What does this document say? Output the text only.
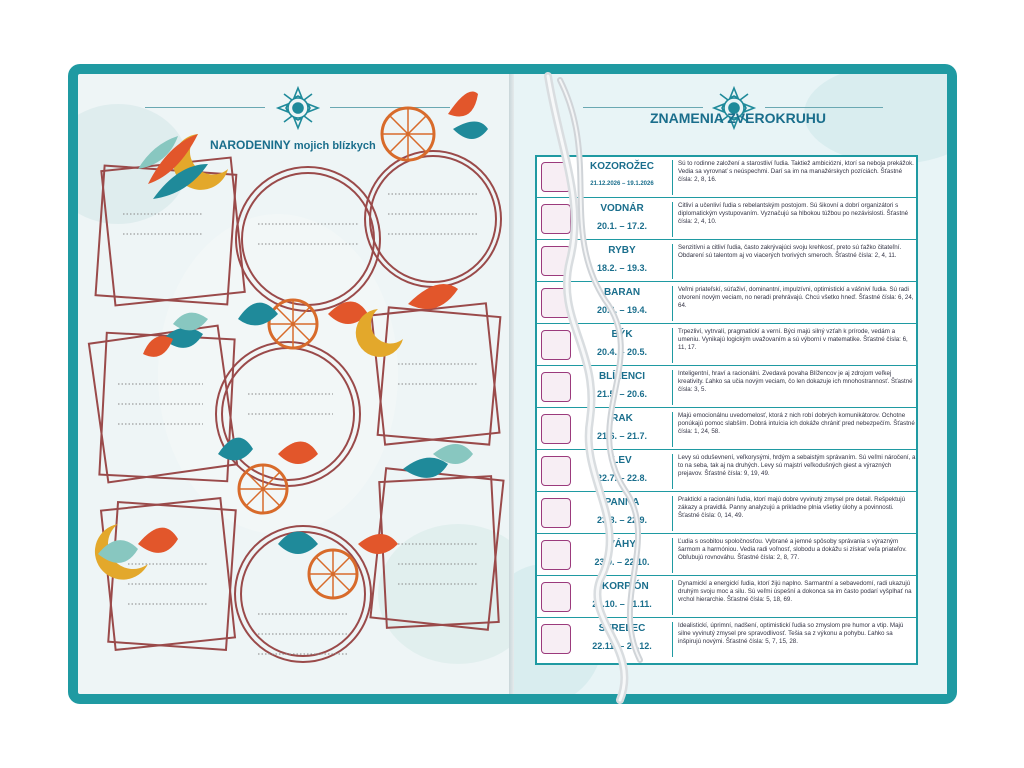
NARODENINY mojich blízkych
ZNAMENIA ZVEROKRUHU
KOZOROŽEC
21.12.2026 – 19.1.2026
Sú to rodinne založení a starostliví ľudia. Taktiež ambiciózni, ktorí sa neboja prekážok. Vedia sa vyrovnať s neúspechmi. Darí sa im na manažérskych pozíciách. Šťastné čísla: 2, 8, 16.
VODNÁR
20.1. – 17.2.
Citliví a učenliví ľudia s rebelantským postojom. Sú šikovní a dobrí organizátori s diplomatickým vystupovaním. Vyznačujú sa hlbokou túžbou po nezávislosti. Šťastné čísla: 2, 4, 10.
RYBY
18.2. – 19.3.
Senzitívni a citliví ľudia, často zakrývajúci svoju krehkosť, preto sú ťažko čitateľní. Obdarení sú talentom aj vo viacerých tvorivých smeroch. Šťastné čísla: 2, 4, 11.
BARAN
20.3. – 19.4.
Veľmi priateľskí, súťaživí, dominantní, impulzívni, optimistickí a vášniví ľudia. Sú radi otvorení novým veciam, no neradi prehrávajú. Chcú všetko hneď. Šťastné čísla: 6, 24, 64.
BÝK
20.4. – 20.5.
Trpezliví, vytrvalí, pragmatickí a verní. Býci majú silný vzťah k prírode, vedám a umeniu. Vynikajú logickým uvažovaním a sú výborní v matematike. Šťastné čísla: 6, 11, 17.
BLÍŽENCI
21.5. – 20.6.
Inteligentní, hraví a racionálni. Zvedavá povaha Blížencov je aj zdrojom veľkej kreativity. Ľahko sa učia novým veciam, čo len dokazuje ich mnohostrannosť. Šťastné čísla: 3, 5.
RAK
21.6. – 21.7.
Majú emocionálnu uvedomelosť, ktorá z nich robí dobrých komunikátorov. Ochotne ponúkajú pomoc slabším. Dobrá intuícia ich dokáže chrániť pred nebezpečím. Šťastné čísla: 1, 24, 58.
LEV
22.7. – 22.8.
Levy sú oduševnení, veľkorysými, hrdým a sebaistým správaním. Sú veľmi náročení, a to na seba, tak aj na druhých. Levy sú majstri veľkodušných giest a výrazných prejavov. Šťastné čísla: 9, 19, 49.
PANNA
23.8. – 22.9.
Praktickí a racionálni ľudia, ktorí majú dobre vyvinutý zmysel pre detail. Rešpektujú zákazy a pravidlá. Panny analyzujú a prikladne plnia všetky úlohy a povinnosti. Šťastné čísla: 0, 14, 49.
VÁHY
23.9. – 22.10.
Ľudia s osobitou spoločnosťou. Vybrané a jemné spôsoby správania s výrazným šarmom a harmóniou. Vedia radi voľnosť, slobodu a dokážu si získať veľa priateľov. Obľubujú rovnováhu. Šťastné čísla: 2, 8, 77.
ŠKORPIÓN
23.10. – 21.11.
Dynamickí a energickí ľudia, ktorí žijú naplno. Šarmantní a sebavedomí, radi ukazujú druhým svoju moc a silu. Sú veľmi úspešní a dokonca sa im často podarí vyšplhať na vrchol hierarchie. Šťastné čísla: 5, 18, 69.
STRELEC
22.11. – 20.12.
Idealistickí, úprimní, nadšení, optimistickí ľudia so zmyslom pre humor a vtip. Majú silne vyvinutý zmysel pre spravodlivosť. Tešia sa z výkonu a pohybu. Ľahko sa inšpirujú novými. Šťastné čísla: 5, 7, 15, 28.
